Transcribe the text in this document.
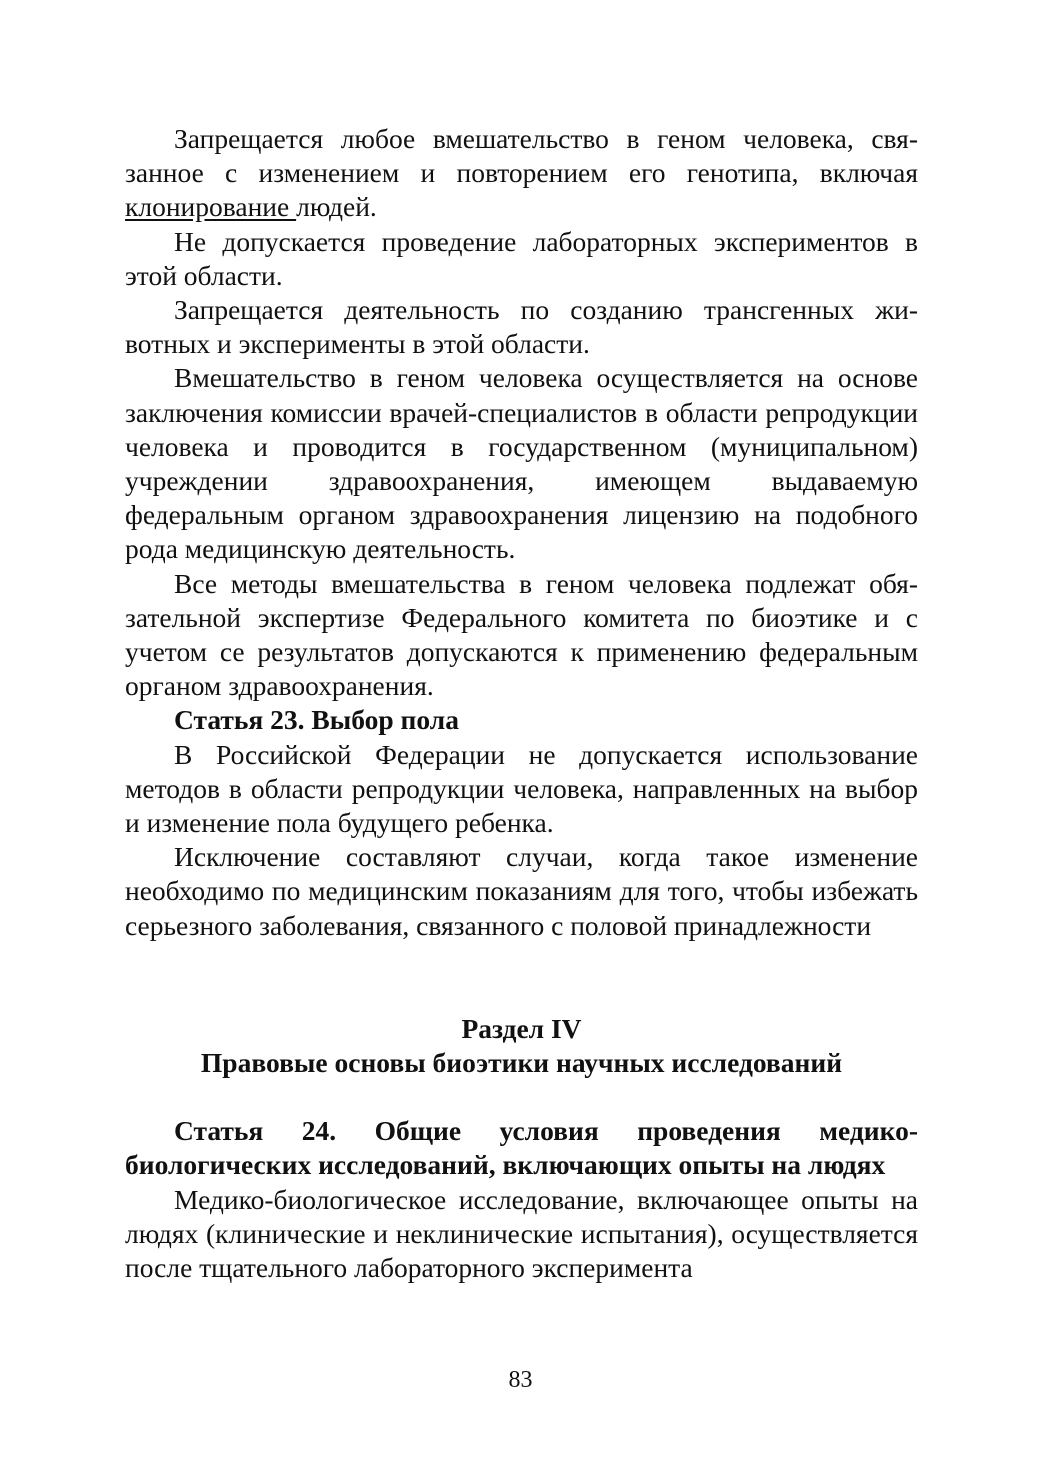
Запрещается любое вмешательство в геном человека, связанное с изменением и повторением его генотипа, включая клонирование людей.

Не допускается проведение лабораторных экспериментов в этой области.

Запрещается деятельность по созданию трансгенных животных и эксперименты в этой области.

Вмешательство в геном человека осуществляется на основе заключения комиссии врачей-специалистов в области репродукции человека и проводится в государственном (муниципальном) учреждении здравоохранения, имеющем выдаваемую федеральным органом здравоохранения лицензию на подобного рода медицинскую деятельность.

Все методы вмешательства в геном человека подлежат обязательной экспертизе Федерального комитета по биоэтике и с учетом се результатов допускаются к применению федеральным органом здравоохранения.

Статья 23. Выбор пола

В Российской Федерации не допускается использование методов в области репродукции человека, направленных на выбор и изменение пола будущего ребенка.

Исключение составляют случаи, когда такое изменение необходимо по медицинским показаниям для того, чтобы избежать серьезного заболевания, связанного с половой принадлежности

Раздел IV

Правовые основы биоэтики научных исследований

Статья 24. Общие условия проведения медико-биологических исследований, включающих опыты на людях

Медико-биологическое исследование, включающее опыты на людях (клинические и неклинические испытания), осуществляется после тщательного лабораторного эксперимента

83
